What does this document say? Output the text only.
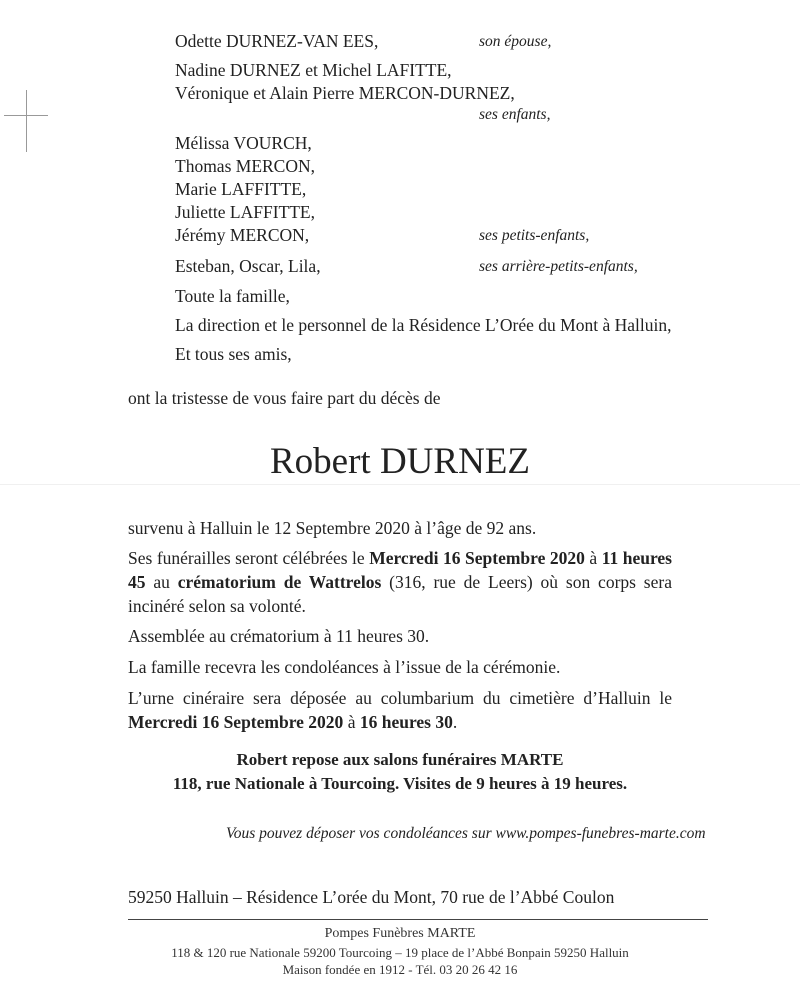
Odette DURNEZ-VAN EES,	son épouse,
Nadine DURNEZ et Michel LAFITTE,
Véronique et Alain Pierre MERCON-DURNEZ,
ses enfants,
Mélissa VOURCH,
Thomas MERCON,
Marie LAFFITTE,
Juliette LAFFITTE,
Jérémy MERCON,	ses petits-enfants,
Esteban, Oscar, Lila,	ses arrière-petits-enfants,
Toute la famille,
La direction et le personnel de la Résidence L’Orée du Mont à Halluin,
Et tous ses amis,
ont la tristesse de vous faire part du décès de
Robert DURNEZ
survenu à Halluin le 12 Septembre 2020 à l’âge de 92 ans.
Ses funérailles seront célébrées le Mercredi 16 Septembre 2020 à 11 heures 45 au crématorium de Wattrelos (316, rue de Leers) où son corps sera incinéré selon sa volonté.
Assemblée au crématorium à 11 heures 30.
La famille recevra les condoléances à l’issue de la cérémonie.
L’urne cinéraire sera déposée au columbarium du cimetière d’Halluin le Mercredi 16 Septembre 2020 à 16 heures 30.
Robert repose aux salons funéraires MARTE
118, rue Nationale à Tourcoing. Visites de 9 heures à 19 heures.
Vous pouvez déposer vos condoléances sur www.pompes-funebres-marte.com
59250 Halluin – Résidence L’orée du Mont, 70 rue de l’Abbé Coulon
Pompes Funèbres MARTE
118 & 120 rue Nationale 59200 Tourcoing – 19 place de l’Abbé Bonpain 59250 Halluin
Maison fondée en 1912 - Tél. 03 20 26 42 16
